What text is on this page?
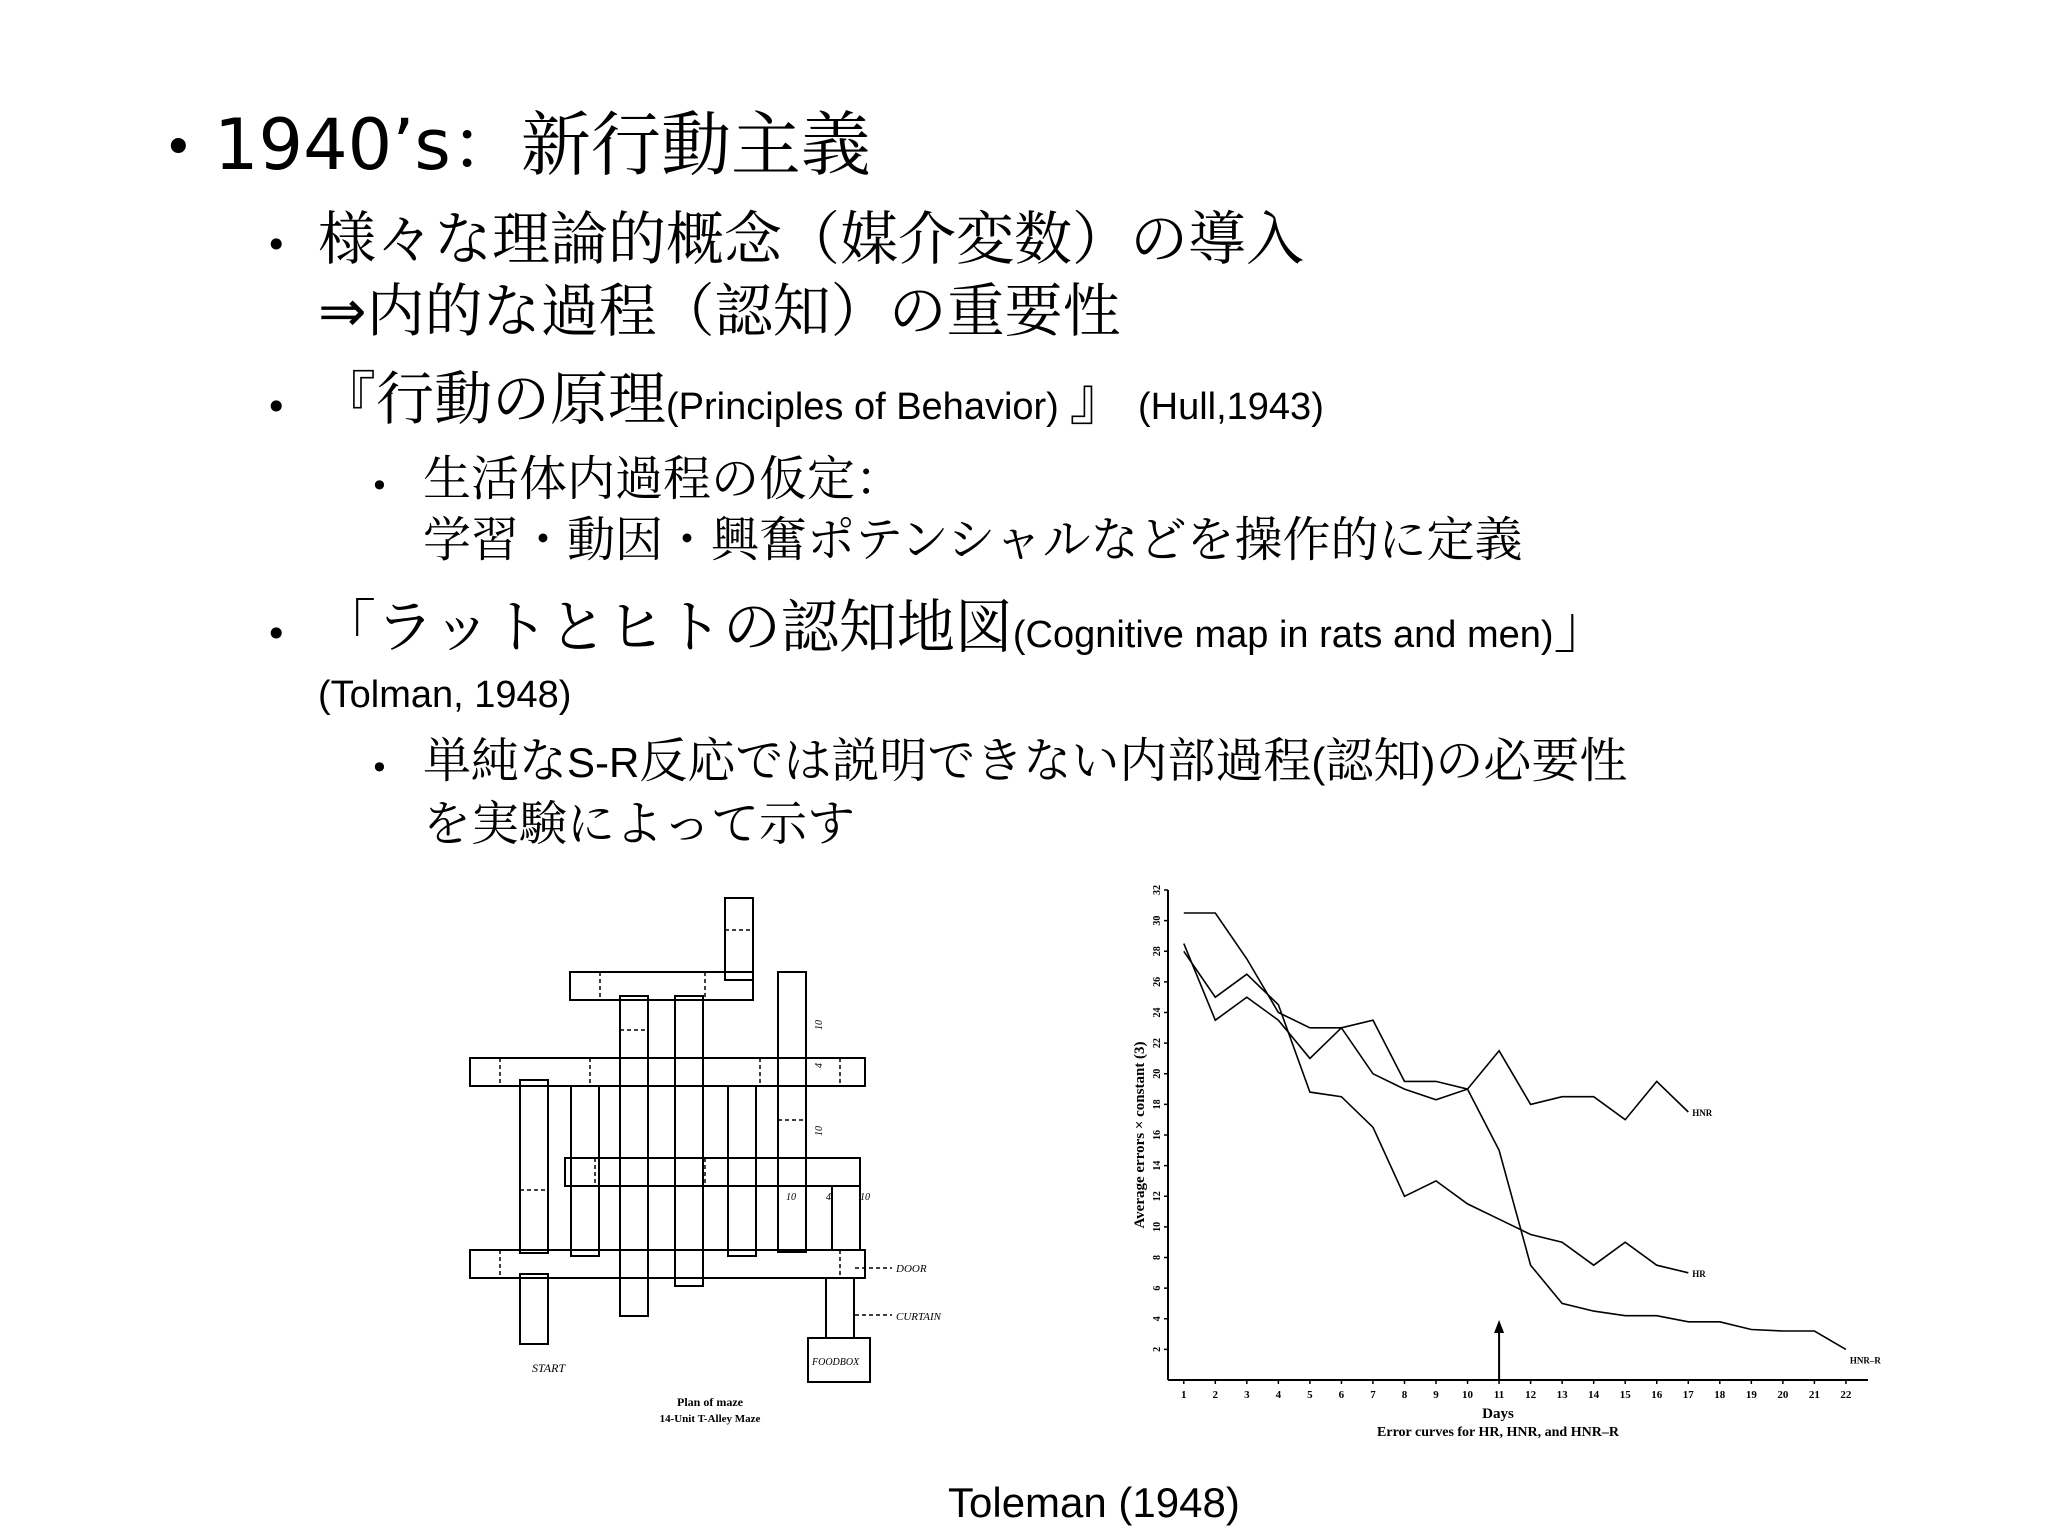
• 1940’s：新行動主義
• 様々な理論的概念（媒介変数）の導入
⇒内的な過程（認知）の重要性
• 『行動の原理(Principles of Behavior) 』 (Hull,1943)
• 生活体内過程の仮定：
学習・動因・興奮ポテンシャルなどを操作的に定義
• 「ラットとヒトの認知地図(Cognitive map in rats and men)」
(Tolman, 1948)
• 単純なS-R反応では説明できない内部過程(認知)の必要性
を実験によって示す
START	FOODBOX
DOOR
CURTAIN
10	4	10
10
4
10
Plan of maze
14-Unit T-Alley Maze
2
4
6
8
10
12
14
16
18
20
22
24
26
28
30
32
1 2 3 4 5 6 7 8 9 10 11 12 13 14 15 16 17 18 19 20 21 22
HNR
HR
HNR–R
Average errors × constant (3)
Days
Error curves for HR, HNR, and HNR–R
Toleman (1948)
